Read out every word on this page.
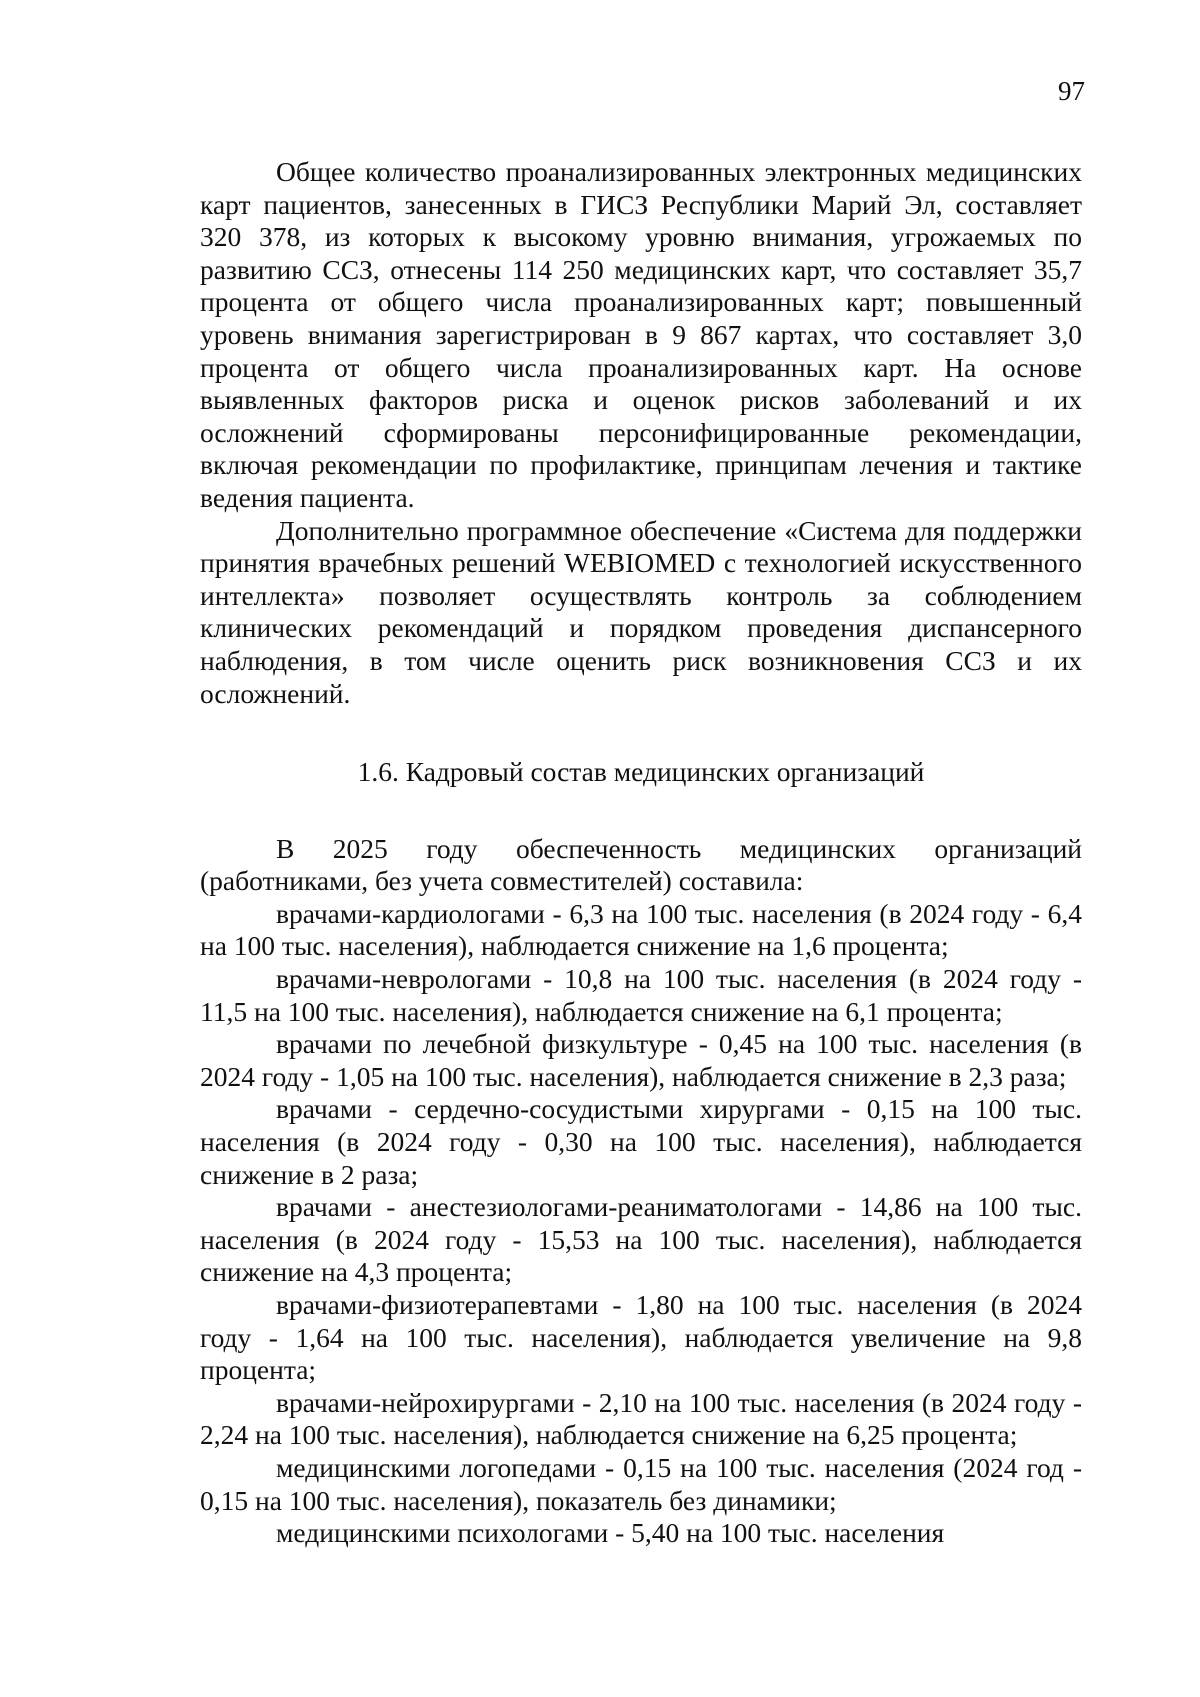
97

Общее количество проанализированных электронных медицинских карт пациентов, занесенных в ГИСЗ Республики Марий Эл, составляет 320 378, из которых к высокому уровню внимания, угрожаемых по развитию ССЗ, отнесены 114 250 медицинских карт, что составляет 35,7 процента от общего числа проанализированных карт; повышенный уровень внимания зарегистрирован в 9 867 картах, что составляет 3,0 процента от общего числа проанализированных карт. На основе выявленных факторов риска и оценок рисков заболеваний и их осложнений сформированы персонифицированные рекомендации, включая рекомендации по профилактике, принципам лечения и тактике ведения пациента.

Дополнительно программное обеспечение «Система для поддержки принятия врачебных решений WEBIOMED с технологией искусственного интеллекта» позволяет осуществлять контроль за соблюдением клинических рекомендаций и порядком проведения диспансерного наблюдения, в том числе оценить риск возникновения ССЗ и их осложнений.

1.6. Кадровый состав медицинских организаций

В 2025 году обеспеченность медицинских организаций (работниками, без учета совместителей) составила:

врачами-кардиологами - 6,3 на 100 тыс. населения (в 2024 году - 6,4 на 100 тыс. населения), наблюдается снижение на 1,6 процента;

врачами-неврологами - 10,8 на 100 тыс. населения (в 2024 году - 11,5 на 100 тыс. населения), наблюдается снижение на 6,1 процента;

врачами по лечебной физкультуре - 0,45 на 100 тыс. населения (в 2024 году - 1,05 на 100 тыс. населения), наблюдается снижение в 2,3 раза;

врачами - сердечно-сосудистыми хирургами - 0,15 на 100 тыс. населения (в 2024 году - 0,30 на 100 тыс. населения), наблюдается снижение в 2 раза;

врачами - анестезиологами-реаниматологами - 14,86 на 100 тыс. населения (в 2024 году - 15,53 на 100 тыс. населения), наблюдается снижение на 4,3 процента;

врачами-физиотерапевтами - 1,80 на 100 тыс. населения (в 2024 году - 1,64 на 100 тыс. населения), наблюдается увеличение на 9,8 процента;

врачами-нейрохирургами - 2,10 на 100 тыс. населения (в 2024 году - 2,24 на 100 тыс. населения), наблюдается снижение на 6,25 процента;

медицинскими логопедами - 0,15 на 100 тыс. населения (2024 год - 0,15 на 100 тыс. населения), показатель без динамики;

медицинскими психологами - 5,40 на 100 тыс. населения
